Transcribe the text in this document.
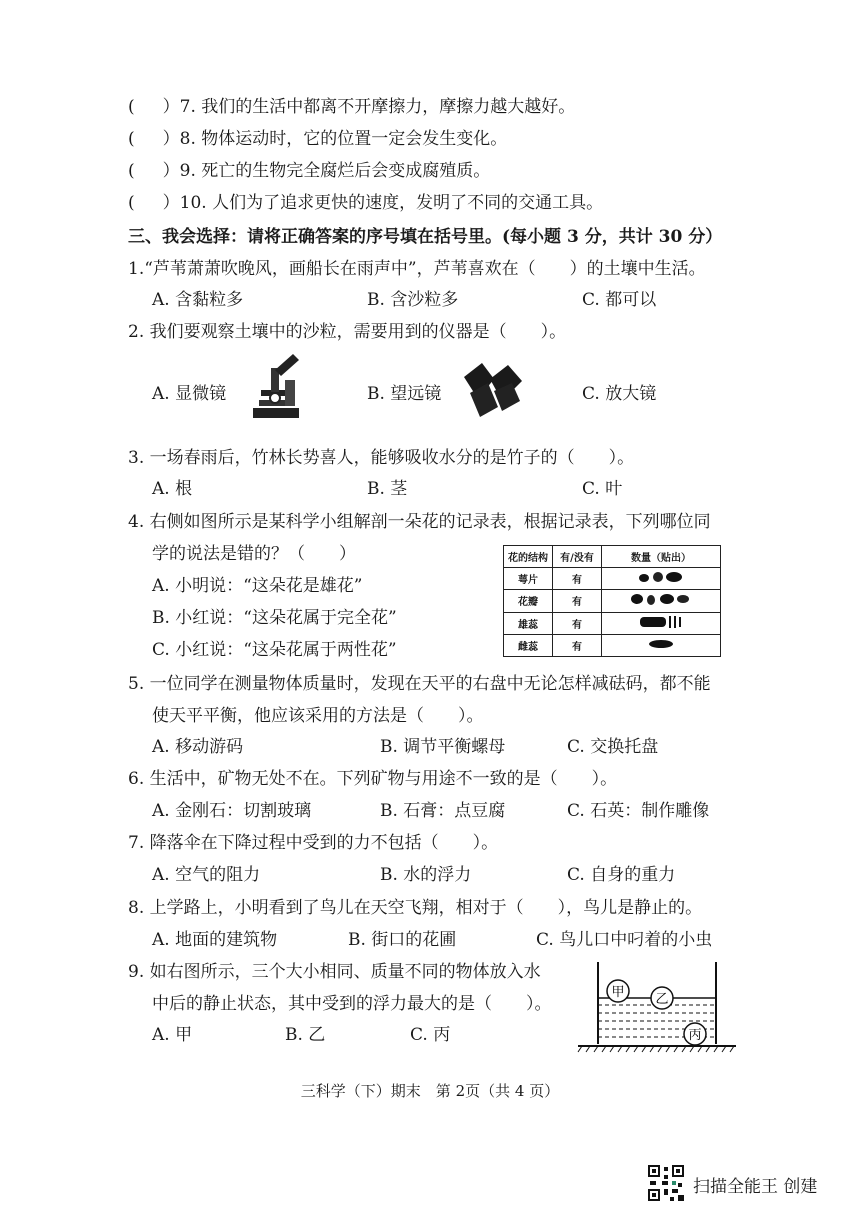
( ）7. 我们的生活中都离不开摩擦力，摩擦力越大越好。
( ）8. 物体运动时，它的位置一定会发生变化。
( ）9. 死亡的生物完全腐烂后会变成腐殖质。
( ）10. 人们为了追求更快的速度，发明了不同的交通工具。
三、我会选择：请将正确答案的序号填在括号里。(每小题 3 分，共计 30 分）
1.“芦苇萧萧吹晚风，画船长在雨声中”，芦苇喜欢在（　　）的土壤中生活。
A. 含黏粒多	B. 含沙粒多	C. 都可以
2. 我们要观察土壤中的沙粒，需要用到的仪器是（　　）。
A. 显微镜	B. 望远镜	C. 放大镜
3. 一场春雨后，竹林长势喜人，能够吸收水分的是竹子的（　　）。
A. 根	B. 茎	C. 叶
4. 右侧如图所示是某科学小组解剖一朵花的记录表，根据记录表，下列哪位同
学的说法是错的？（　　）
A. 小明说：“这朵花是雄花”
B. 小红说：“这朵花属于完全花”
C. 小红说：“这朵花属于两性花”
花的结构	有/没有	数量（贴出）
萼片	有	
花瓣	有	
雄蕊	有	
雌蕊	有	
5. 一位同学在测量物体质量时，发现在天平的右盘中无论怎样减砝码，都不能
使天平平衡，他应该采用的方法是（　　）。
A. 移动游码	B. 调节平衡螺母	C. 交换托盘
6. 生活中，矿物无处不在。下列矿物与用途不一致的是（　　）。
A. 金刚石：切割玻璃	B. 石膏：点豆腐	C. 石英：制作雕像
7. 降落伞在下降过程中受到的力不包括（　　）。
A. 空气的阻力	B. 水的浮力	C. 自身的重力
8. 上学路上，小明看到了鸟儿在天空飞翔，相对于（　　），鸟儿是静止的。
A. 地面的建筑物	B. 街口的花圃	C. 鸟儿口中叼着的小虫
9. 如右图所示，三个大小相同、质量不同的物体放入水
中后的静止状态，其中受到的浮力最大的是（　　）。
A. 甲	B. 乙	C. 丙
甲 乙
丙
三科学（下）期末　第 2页（共 4 页）
扫描全能王 创建
